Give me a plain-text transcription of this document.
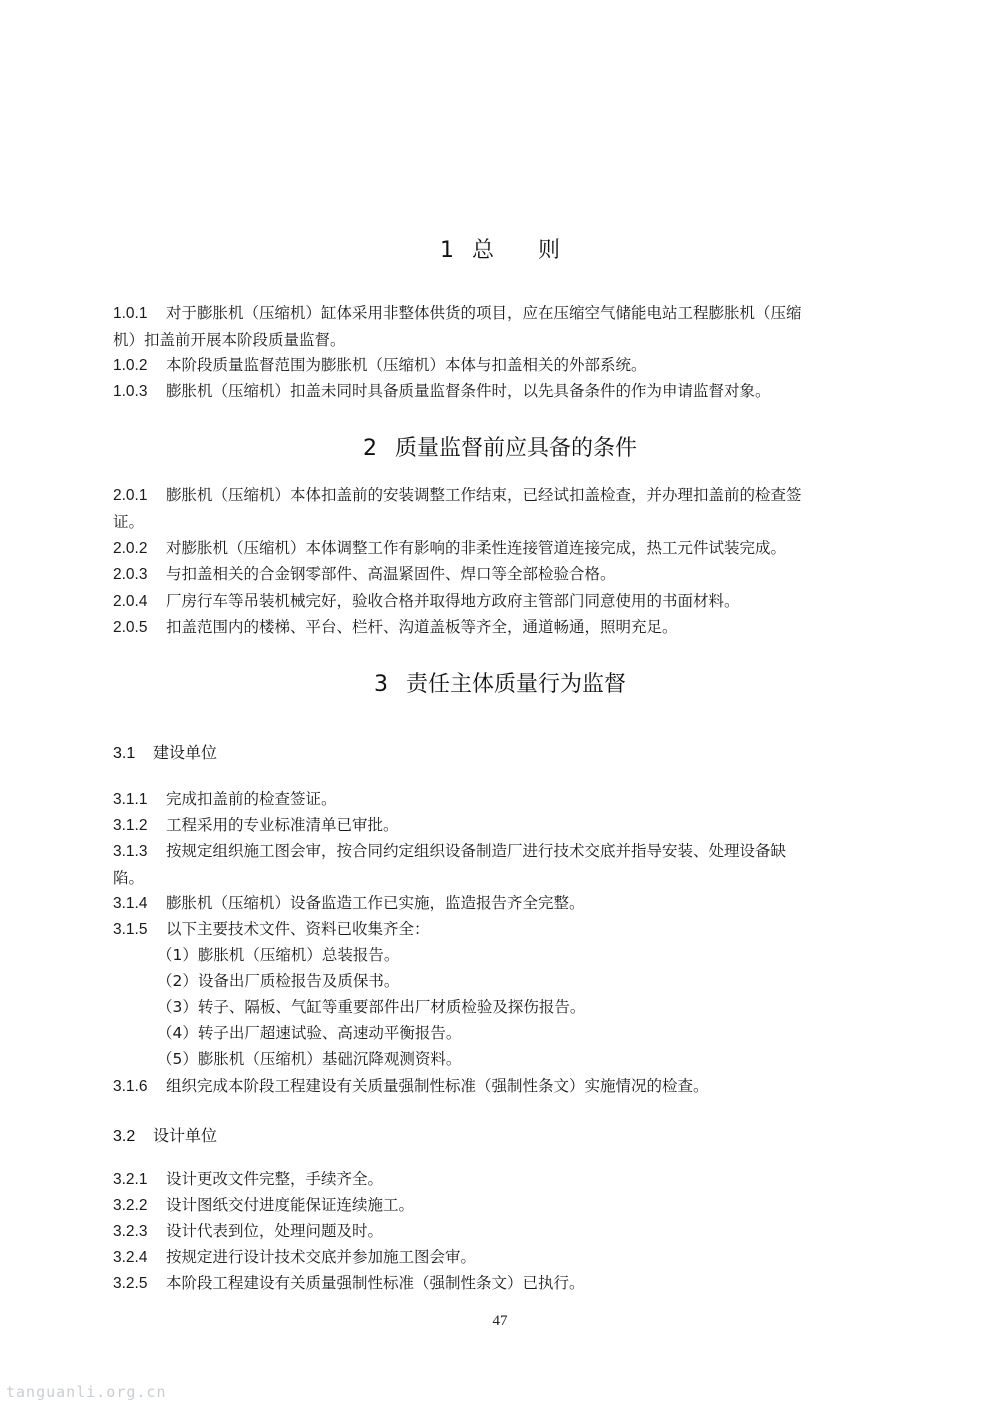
1 总则
1.0.1 对于膨胀机（压缩机）缸体采用非整体供货的项目，应在压缩空气储能电站工程膨胀机（压缩
机）扣盖前开展本阶段质量监督。
1.0.2 本阶段质量监督范围为膨胀机（压缩机）本体与扣盖相关的外部系统。
1.0.3 膨胀机（压缩机）扣盖未同时具备质量监督条件时，以先具备条件的作为申请监督对象。
2 质量监督前应具备的条件
2.0.1 膨胀机（压缩机）本体扣盖前的安装调整工作结束，已经试扣盖检查，并办理扣盖前的检查签
证。
2.0.2 对膨胀机（压缩机）本体调整工作有影响的非柔性连接管道连接完成，热工元件试装完成。
2.0.3 与扣盖相关的合金钢零部件、高温紧固件、焊口等全部检验合格。
2.0.4 厂房行车等吊装机械完好，验收合格并取得地方政府主管部门同意使用的书面材料。
2.0.5 扣盖范围内的楼梯、平台、栏杆、沟道盖板等齐全，通道畅通，照明充足。
3 责任主体质量行为监督
3.1 建设单位
3.1.1 完成扣盖前的检查签证。
3.1.2 工程采用的专业标准清单已审批。
3.1.3 按规定组织施工图会审，按合同约定组织设备制造厂进行技术交底并指导安装、处理设备缺
陷。
3.1.4 膨胀机（压缩机）设备监造工作已实施，监造报告齐全完整。
3.1.5 以下主要技术文件、资料已收集齐全：
（1）膨胀机（压缩机）总装报告。
（2）设备出厂质检报告及质保书。
（3）转子、隔板、气缸等重要部件出厂材质检验及探伤报告。
（4）转子出厂超速试验、高速动平衡报告。
（5）膨胀机（压缩机）基础沉降观测资料。
3.1.6 组织完成本阶段工程建设有关质量强制性标准（强制性条文）实施情况的检查。
3.2 设计单位
3.2.1 设计更改文件完整，手续齐全。
3.2.2 设计图纸交付进度能保证连续施工。
3.2.3 设计代表到位，处理问题及时。
3.2.4 按规定进行设计技术交底并参加施工图会审。
3.2.5 本阶段工程建设有关质量强制性标准（强制性条文）已执行。
47
tanguanli.org.cn
